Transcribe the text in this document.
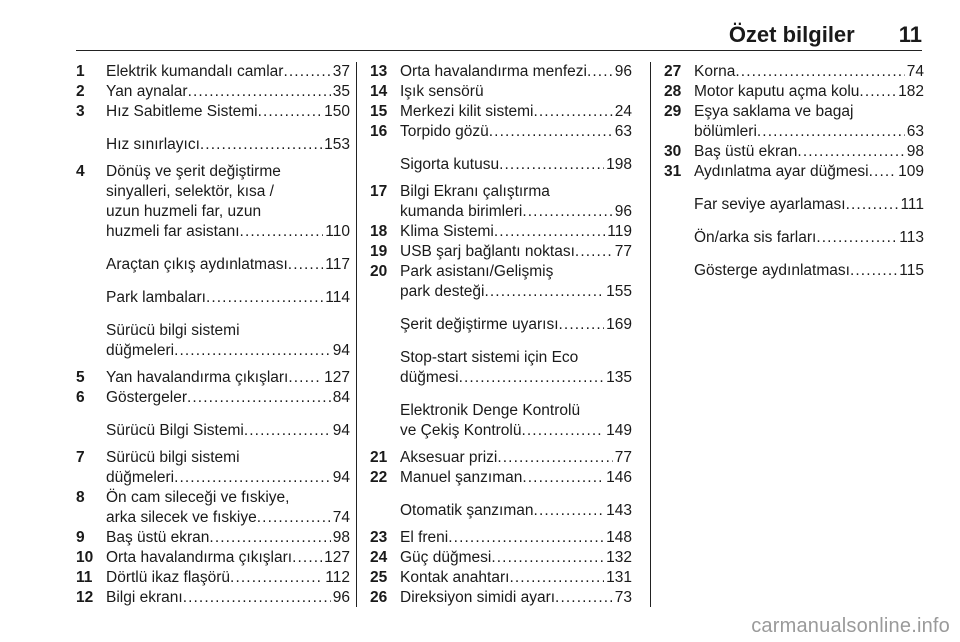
Özet bilgiler 11
1 Elektrik kumandalı camlar . . .	37
2 Yan aynalar . . .	35
3 Hız Sabitleme Sistemi . . .	150
Hız sınırlayıcı . . .	153
4 Dönüş ve şerit değiştirme
sinyalleri, selektör, kısa /
uzun huzmeli far, uzun
huzmeli far asistanı . . .	110
Araçtan çıkış aydınlatması . . . 117
Park lambaları . . .	114
Sürücü bilgi sistemi
düğmeleri . . .	94
5 Yan havalandırma çıkışları . . . 127
6 Göstergeler . . .	84
Sürücü Bilgi Sistemi . . .	94
7 Sürücü bilgi sistemi
düğmeleri . . .	94
8 Ön cam sileceği ve fıskiye,
arka silecek ve fıskiye . . .	74
9 Baş üstü ekran . . .	98
10 Orta havalandırma çıkışları . . . 127
11 Dörtlü ikaz flaşörü . . .	112
12 Bilgi ekranı . . .	96
13 Orta havalandırma menfezi . . . 96
14 Işık sensörü
15 Merkezi kilit sistemi . . .	24
16 Torpido gözü . . .	63
Sigorta kutusu . . .	198
17 Bilgi Ekranı çalıştırma
kumanda birimleri . . .	96
18 Klima Sistemi . . .	119
19 USB şarj bağlantı noktası . . .	77
20 Park asistanı/Gelişmiş
park desteği . . .	155
Şerit değiştirme uyarısı . . .	169
Stop-start sistemi için Eco
düğmesi . . .	135
Elektronik Denge Kontrolü
ve Çekiş Kontrolü . . .	149
21 Aksesuar prizi . . .	77
22 Manuel şanzıman . . .	146
Otomatik şanzıman . . .	143
23 El freni . . .	148
24 Güç düğmesi . . .	132
25 Kontak anahtarı . . .	131
26 Direksiyon simidi ayarı . . .	73
27 Korna . . .	74
28 Motor kaputu açma kolu . . . 182
29 Eşya saklama ve bagaj
bölümleri . . .	63
30 Baş üstü ekran . . .	98
31 Aydınlatma ayar düğmesi . . . 109
Far seviye ayarlaması . . .	111
Ön/arka sis farları . . .	113
Gösterge aydınlatması . . .	115
carmanualsonline.info
